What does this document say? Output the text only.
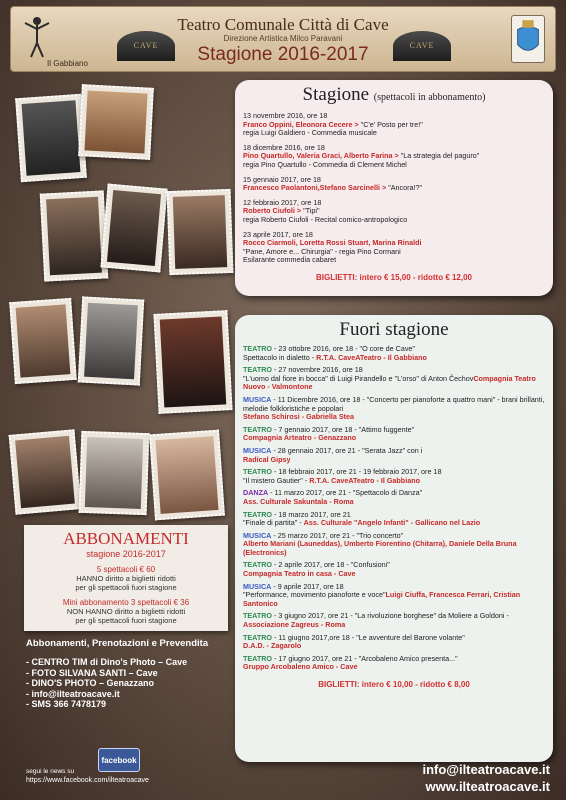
Il Gabbiano
CAVE	CAVE
Teatro Comunale Città di Cave
Direzione Artistica Milco Paravani
Stagione 2016-2017
Stagione (spettacoli in abbonamento)
13 novembre 2016, ore 18
Franco Oppini, Eleonora Cecere > "C'e' Posto per tre!"
regia Luigi Galdiero - Commedia musicale
18 dicembre 2016, ore 18
Pino Quartullo, Valeria Graci, Alberto Farina > "La strategia del paguro"
regia Pino Quartullo - Commedia di Clement Michel
15 gennaio 2017, ore 18
Francesco Paolantoni,Stefano Sarcinelli > "Ancora!?"
12 febbraio 2017, ore 18
Roberto Ciufoli > "Tipi"
regia Roberto Ciufoli - Recital comico-antropologico
23 aprile 2017, ore 18
Rocco Ciarmoli, Loretta Rossi Stuart, Marina Rinaldi
"Pane, Amore e... Chirurgia" - regia Pino Cormani
Esilarante commedia cabaret
BIGLIETTI: intero € 15,00 - ridotto € 12,00
Fuori stagione
TEATRO - 23 ottobre 2016, ore 18 - "O core de Cave"
Spettacolo in dialetto - R.T.A. CaveATeatro - Il Gabbiano
TEATRO - 27 novembre 2016, ore 18
"L'uomo dal fiore in bocca" di Luigi Pirandello e "L'orso" di Anton ČechovCompagnia Teatro Nuovo - Valmontone
MUSICA - 11 Dicembre 2016, ore 18 - "Concerto per pianoforte a quattro mani" - brani brillanti, melodie folkloristiche e popolari
Stefano Schirosi - Gabriella Stea
TEATRO - 7 gennaio 2017, ore 18 - "Attimo fuggente"
Compagnia Arteatro - Genazzano
MUSICA - 28 gennaio 2017, ore 21 - "Serata Jazz" con i
Radical Gipsy
TEATRO - 18 febbraio 2017, ore 21 - 19 febbraio 2017, ore 18
"Il mistero Gautier" - R.T.A. CaveATeatro - Il Gabbiano
DANZA - 11 marzo 2017, ore 21 - "Spettacolo di Danza"
Ass. Culturale Sakuntala - Roma
TEATRO - 18 marzo 2017, ore 21
"Finale di partita" - Ass. Culturale "Angelo Infanti" - Gallicano nel Lazio
MUSICA - 25 marzo 2017, ore 21 - "Trio concerto"
Alberto Mariani (Launeddas), Umberto Fiorentino (Chitarra), Daniele Della Bruna (Electronics)
TEATRO - 2 aprile 2017, ore 18 - "Confusioni"
Compagnia Teatro in casa - Cave
MUSICA - 9 aprile 2017, ore 18
"Performance, movimento pianoforte e voce"Luigi Ciuffa, Francesca Ferrari, Cristian Santonico
TEATRO - 3 giugno 2017, ore 21 - "La rivoluzione borghese" da Moliere a Goldoni -
Associazione Zagreus - Roma
TEATRO - 11 giugno 2017,ore 18 - "Le avventure del Barone volante"
D.A.D. - Zagarolo
TEATRO - 17 giugno 2017, ore 21 - "Arcobaleno Amico presenta..."
Gruppo Arcobaleno Amico - Cave
BIGLIETTI: intero € 10,00 - ridotto € 8,00
ABBONAMENTI
stagione 2016-2017
5 spettacoli € 60
HANNO diritto a biglietti ridotti
per gli spettacoli fuori stagione
Mini abbonamento 3 spettacoli € 36
NON HANNO diritto a biglietti ridotti
per gli spettacoli fuori stagione
Abbonamenti, Prenotazioni e Prevendita
- CENTRO TIM di Dino's Photo – Cave
- FOTO SILVANA SANTI – Cave
- DINO'S PHOTO – Genazzano
- info@ilteatroacave.it
- SMS 366 7478179
facebook
segui le news su
https://www.facebook.com/ilteatroacave
info@ilteatroacave.it
www.ilteatroacave.it
